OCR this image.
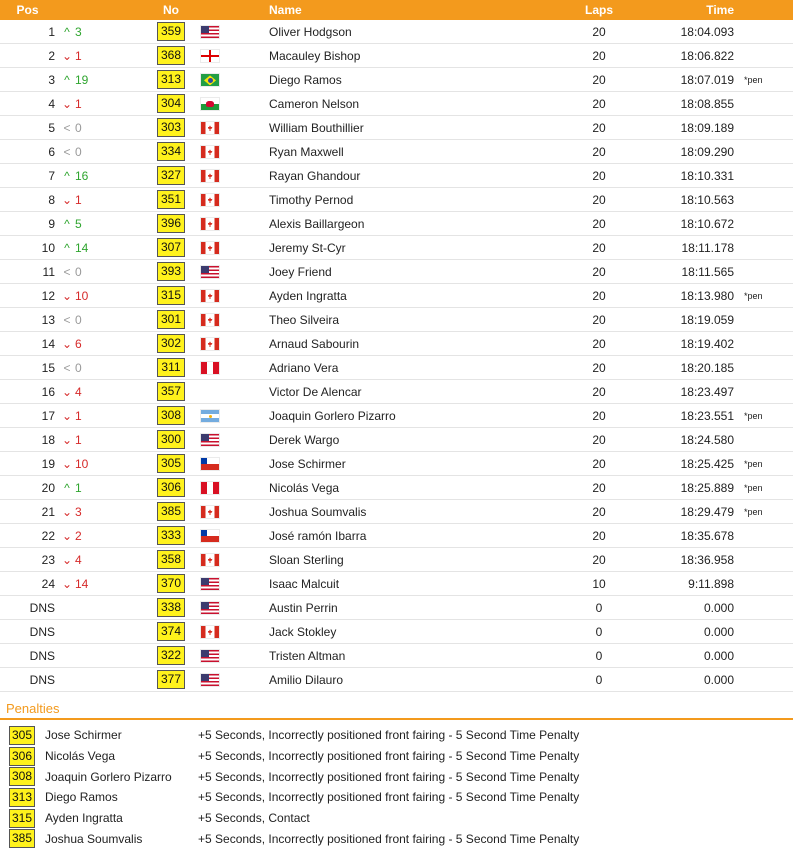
Pos		No		Name	Laps	Time	
1	^ 3	359		Oliver Hodgson	20	18:04.093	
2	⌄ 1	368		Macauley Bishop	20	18:06.822	
3	^ 19	313		Diego Ramos	20	18:07.019	*pen
4	⌄ 1	304		Cameron Nelson	20	18:08.855	
5	< 0	303		William Bouthillier	20	18:09.189	
6	< 0	334		Ryan Maxwell	20	18:09.290	
7	^ 16	327		Rayan Ghandour	20	18:10.331	
8	⌄ 1	351		Timothy Pernod	20	18:10.563	
9	^ 5	396		Alexis Baillargeon	20	18:10.672	
10	^ 14	307		Jeremy St-Cyr	20	18:11.178	
11	< 0	393		Joey Friend	20	18:11.565	
12	⌄ 10	315		Ayden Ingratta	20	18:13.980	*pen
13	< 0	301		Theo Silveira	20	18:19.059	
14	⌄ 6	302		Arnaud Sabourin	20	18:19.402	
15	< 0	311		Adriano Vera	20	18:20.185	
16	⌄ 4	357		Victor De Alencar	20	18:23.497	
17	⌄ 1	308		Joaquin Gorlero Pizarro	20	18:23.551	*pen
18	⌄ 1	300		Derek Wargo	20	18:24.580	
19	⌄ 10	305		Jose Schirmer	20	18:25.425	*pen
20	^ 1	306		Nicolás Vega	20	18:25.889	*pen
21	⌄ 3	385		Joshua Soumvalis	20	18:29.479	*pen
22	⌄ 2	333		José ramón Ibarra	20	18:35.678	
23	⌄ 4	358		Sloan Sterling	20	18:36.958	
24	⌄ 14	370		Isaac Malcuit	10	9:11.898	
DNS		338		Austin Perrin	0	0.000	
DNS		374		Jack Stokley	0	0.000	
DNS		322		Tristen Altman	0	0.000	
DNS		377		Amilio Dilauro	0	0.000	
Penalties
305 Jose Schirmer	+5 Seconds, Incorrectly positioned front fairing - 5 Second Time Penalty
306 Nicolás Vega	+5 Seconds, Incorrectly positioned front fairing - 5 Second Time Penalty
308 Joaquin Gorlero Pizarro	+5 Seconds, Incorrectly positioned front fairing - 5 Second Time Penalty
313 Diego Ramos	+5 Seconds, Incorrectly positioned front fairing - 5 Second Time Penalty
315 Ayden Ingratta	+5 Seconds, Contact
385 Joshua Soumvalis	+5 Seconds, Incorrectly positioned front fairing - 5 Second Time Penalty
